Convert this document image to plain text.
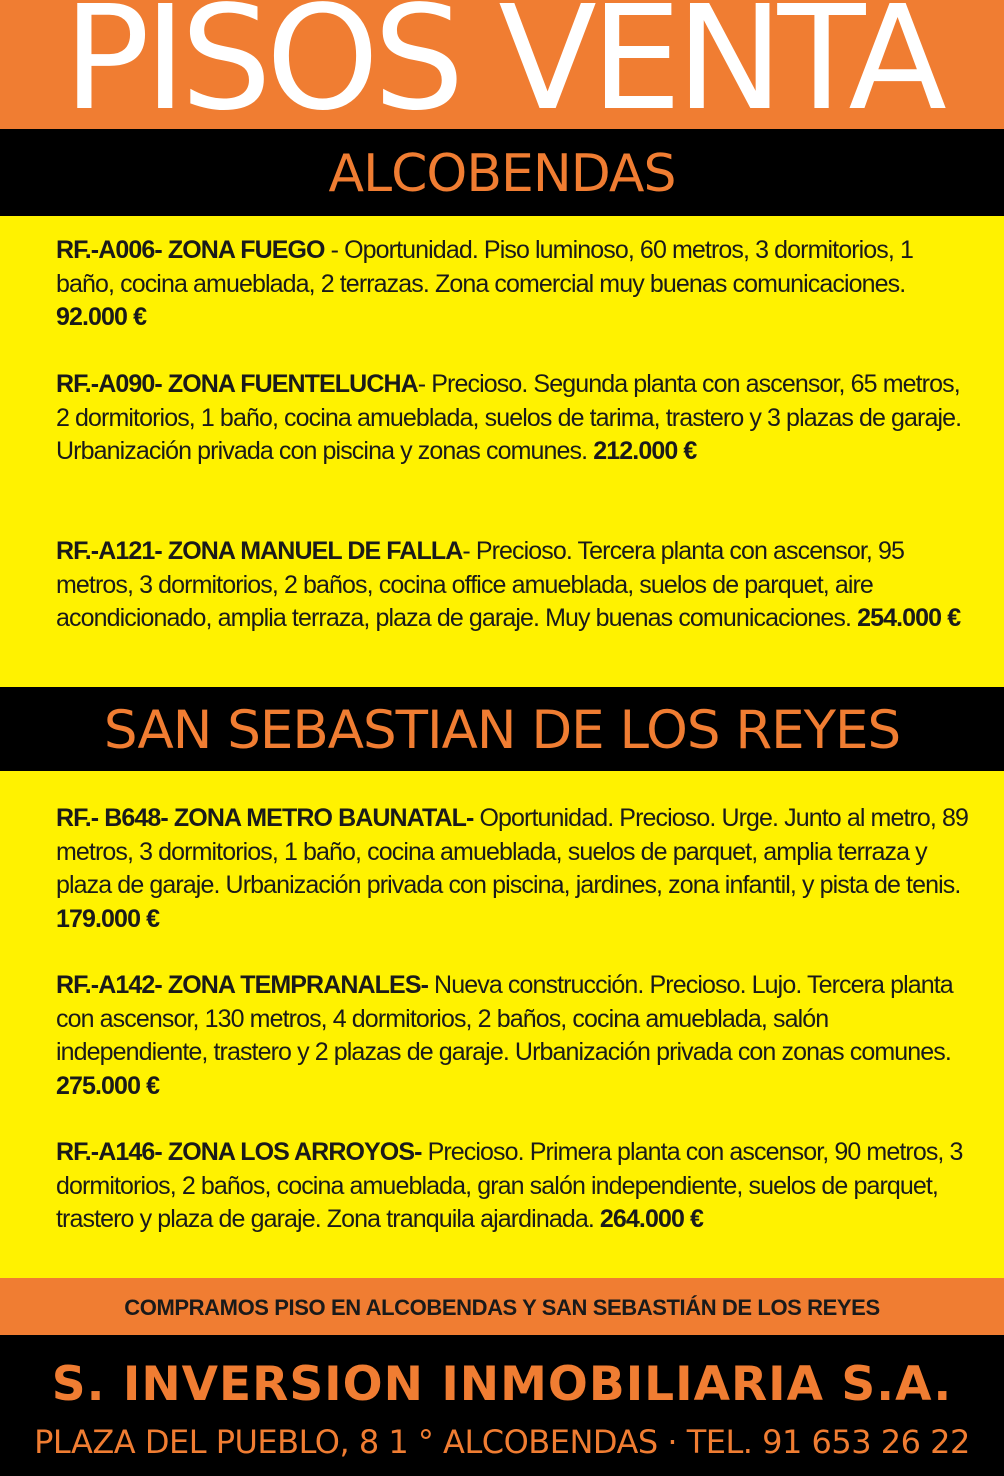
PISOS VENTA
ALCOBENDAS
RF.-A006- ZONA FUEGO - Oportunidad. Piso luminoso, 60 metros, 3 dormitorios, 1 baño, cocina amueblada, 2 terrazas. Zona comercial muy buenas comunicaciones. 92.000 €
RF.-A090- ZONA FUENTELUCHA- Precioso. Segunda planta con ascensor, 65 metros, 2 dormitorios, 1 baño, cocina amueblada, suelos de tarima, trastero y 3 plazas de garaje. Urbanización privada con piscina y zonas comunes. 212.000 €
RF.-A121- ZONA MANUEL DE FALLA- Precioso. Tercera planta con ascensor, 95 metros, 3 dormitorios, 2 baños, cocina office amueblada, suelos de parquet, aire acondicionado, amplia terraza, plaza de garaje. Muy buenas comunicaciones. 254.000 €
SAN SEBASTIAN DE LOS REYES
RF.- B648- ZONA METRO BAUNATAL- Oportunidad. Precioso. Urge. Junto al metro, 89 metros, 3 dormitorios, 1 baño, cocina amueblada, suelos de parquet, amplia terraza y plaza de garaje. Urbanización privada con piscina, jardines, zona infantil, y pista de tenis. 179.000 €
RF.-A142- ZONA TEMPRANALES- Nueva construcción. Precioso. Lujo. Tercera planta con ascensor, 130 metros, 4 dormitorios, 2 baños, cocina amueblada, salón independiente, trastero y 2 plazas de garaje. Urbanización privada con zonas comunes. 275.000 €
RF.-A146- ZONA LOS ARROYOS- Precioso. Primera planta con ascensor, 90 metros, 3 dormitorios, 2 baños, cocina amueblada, gran salón independiente, suelos de parquet, trastero y plaza de garaje. Zona tranquila ajardinada. 264.000 €
COMPRAMOS PISO EN ALCOBENDAS Y SAN SEBASTIÁN DE LOS REYES
S. INVERSION INMOBILIARIA S.A.
PLAZA DEL PUEBLO, 8 1 ° ALCOBENDAS · TEL. 91 653 26 22
